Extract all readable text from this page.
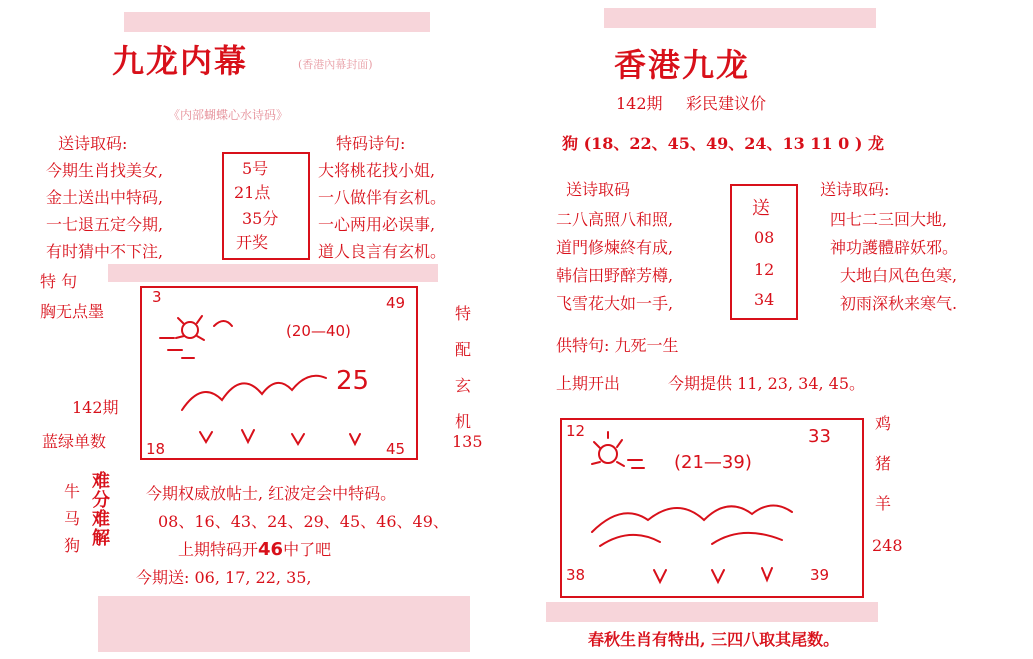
九龙内幕	(香港內幕封面)
《内部蝴蝶心水诗码》
送诗取码:
今期生肖找美女,
金土送出中特码,
一七退五定今期,
有时猜中不下注,
5号
21点
35分
开奖
特码诗句:
大将桃花找小姐,
一八做伴有玄机。
一心两用必误事,
道人良言有玄机。
特 句
胸无点墨
142期
蓝绿单数
3	49
18	45
(20—40)
25
特
配
玄
机
135
牛
马
狗
难
分
难
解
今期权威放帖士, 红波定会中特码。
08、16、43、24、29、45、46、49、
上期特码开46中了吧
今期送: 06, 17, 22, 35,
香港九龙
142期 彩民建议价
狗 (18、22、45、49、24、13 11 0 ) 龙
送诗取码
二八高照八和照,
道門修煉終有成,
韩信田野醉芳樽,
飞雪花大如一手,
送
08
12
34
送诗取码:
四七二三回大地,
神功護體辟妖邪。
大地白风色色寒,
初雨深秋来寒气.
供特句: 九死一生
上期开出	今期提供 11, 23, 34, 45。
12	33
38	39
(21—39)
鸡
猪
羊
248
春秋生肖有特出, 三四八取其尾数。
